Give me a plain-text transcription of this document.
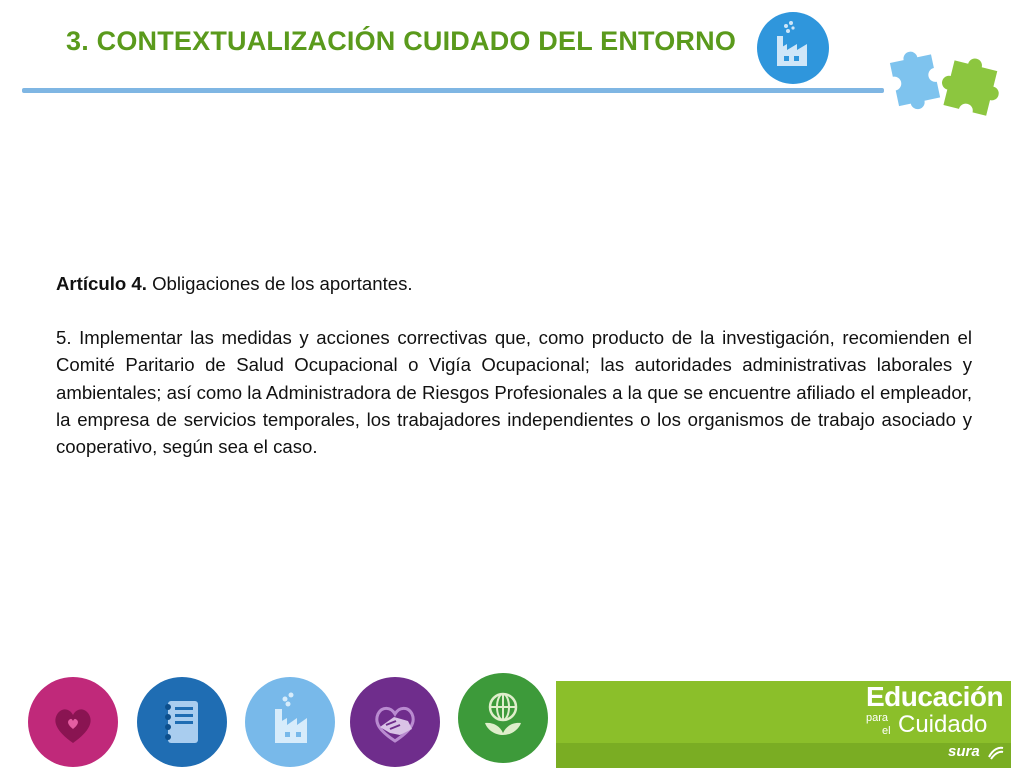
3. CONTEXTUALIZACIÓN CUIDADO DEL ENTORNO

Artículo 4. Obligaciones de los aportantes.

5. Implementar las medidas y acciones correctivas que, como producto de la investigación, recomienden el Comité Paritario de Salud Ocupacional o Vigía Ocupacional; las autoridades administrativas laborales y ambientales; así como la Administradora de Riesgos Profesionales a la que se encuentre afiliado el empleador, la empresa de servicios temporales, los trabajadores independientes o los organismos de trabajo asociado y cooperativo, según sea el caso.

Educación
para
el Cuidado
sura
